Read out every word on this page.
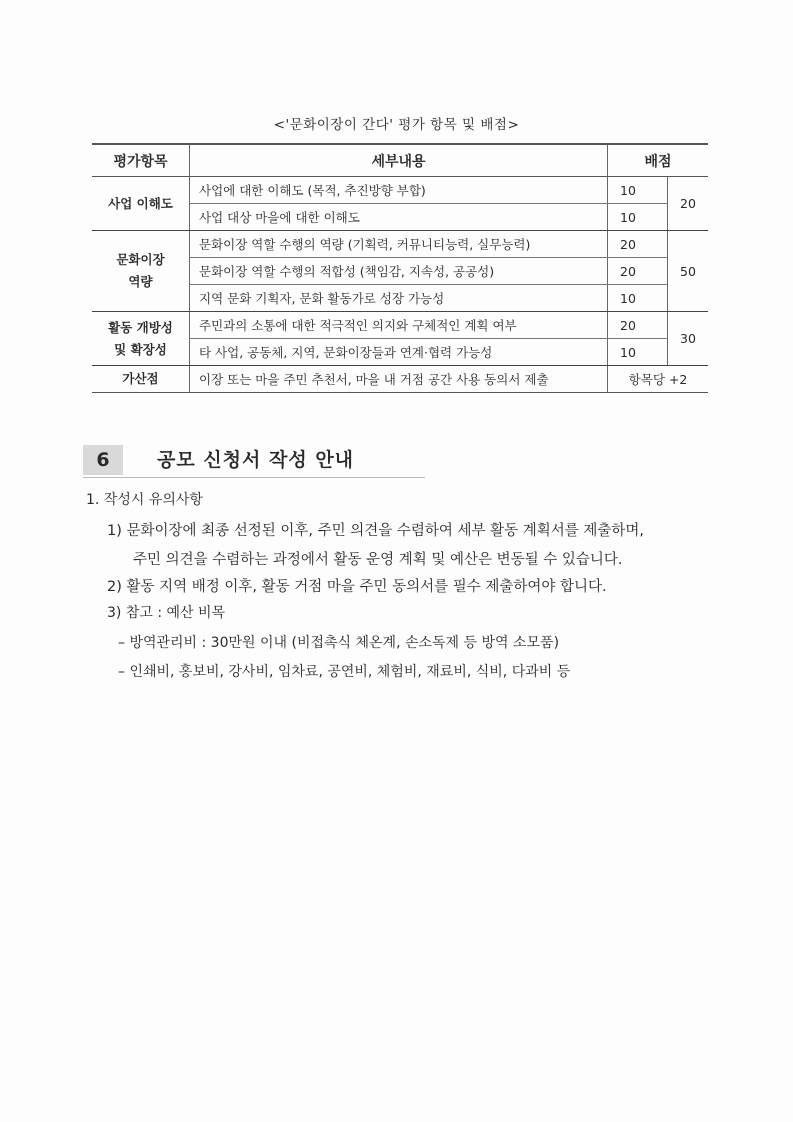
<'문화이장이 간다' 평가 항목 및 배점>
평가항목	세부내용	배점	

사업 이해도	사업에 대한 이해도 (목적, 추진방향 부합)	10	20
	사업 대상 마을에 대한 이해도	10	

문화이장
역량	문화이장 역할 수행의 역량 (기획력, 커뮤니티능력, 실무능력)	20	50
	문화이장 역할 수행의 적합성 (책임감, 지속성, 공공성)	20	
	지역 문화 기획자, 문화 활동가로 성장 가능성	10	

활동 개방성
및 확장성	주민과의 소통에 대한 적극적인 의지와 구체적인 계획 여부	20	30
	타 사업, 공동체, 지역, 문화이장들과 연계·협력 가능성	10	

가산점	이장 또는 마을 주민 추천서, 마을 내 거점 공간 사용 동의서 제출	항목당 +2	
6	공모 신청서 작성 안내
1. 작성시 유의사항
1) 문화이장에 최종 선정된 이후, 주민 의견을 수렴하여 세부 활동 계획서를 제출하며,
주민 의견을 수렴하는 과정에서 활동 운영 계획 및 예산은 변동될 수 있습니다.
2) 활동 지역 배정 이후, 활동 거점 마을 주민 동의서를 필수 제출하여야 합니다.
3) 참고 : 예산 비목
– 방역관리비 : 30만원 이내 (비접촉식 체온계, 손소독제 등 방역 소모품)
– 인쇄비, 홍보비, 강사비, 임차료, 공연비, 체험비, 재료비, 식비, 다과비 등
